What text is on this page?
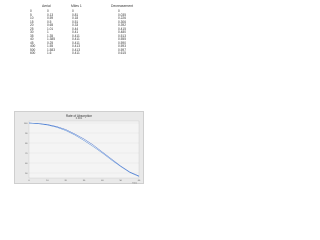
Aerial	Miles 1	Decreasement
0	0	0	0
5	0.13	0.81	0.035
10	0.59	0.18	0.226
15	0.5	0.51	0.306
20	0.65	0.33	0.392
25	1.01	0.44	0.415
30	1	0.41	0.480
35	1.35	0.411	0.513
40	1.385	0.411	0.555
45	0.25	0.411	0.590
400	1.55	0.413	0.593
500	1.583	0.413	0.597
600	1.6	0.411	0.615
Rate of Absorption
0.901
50
60
70
80
90
100
0	10	20	30	40	50	60
Time
